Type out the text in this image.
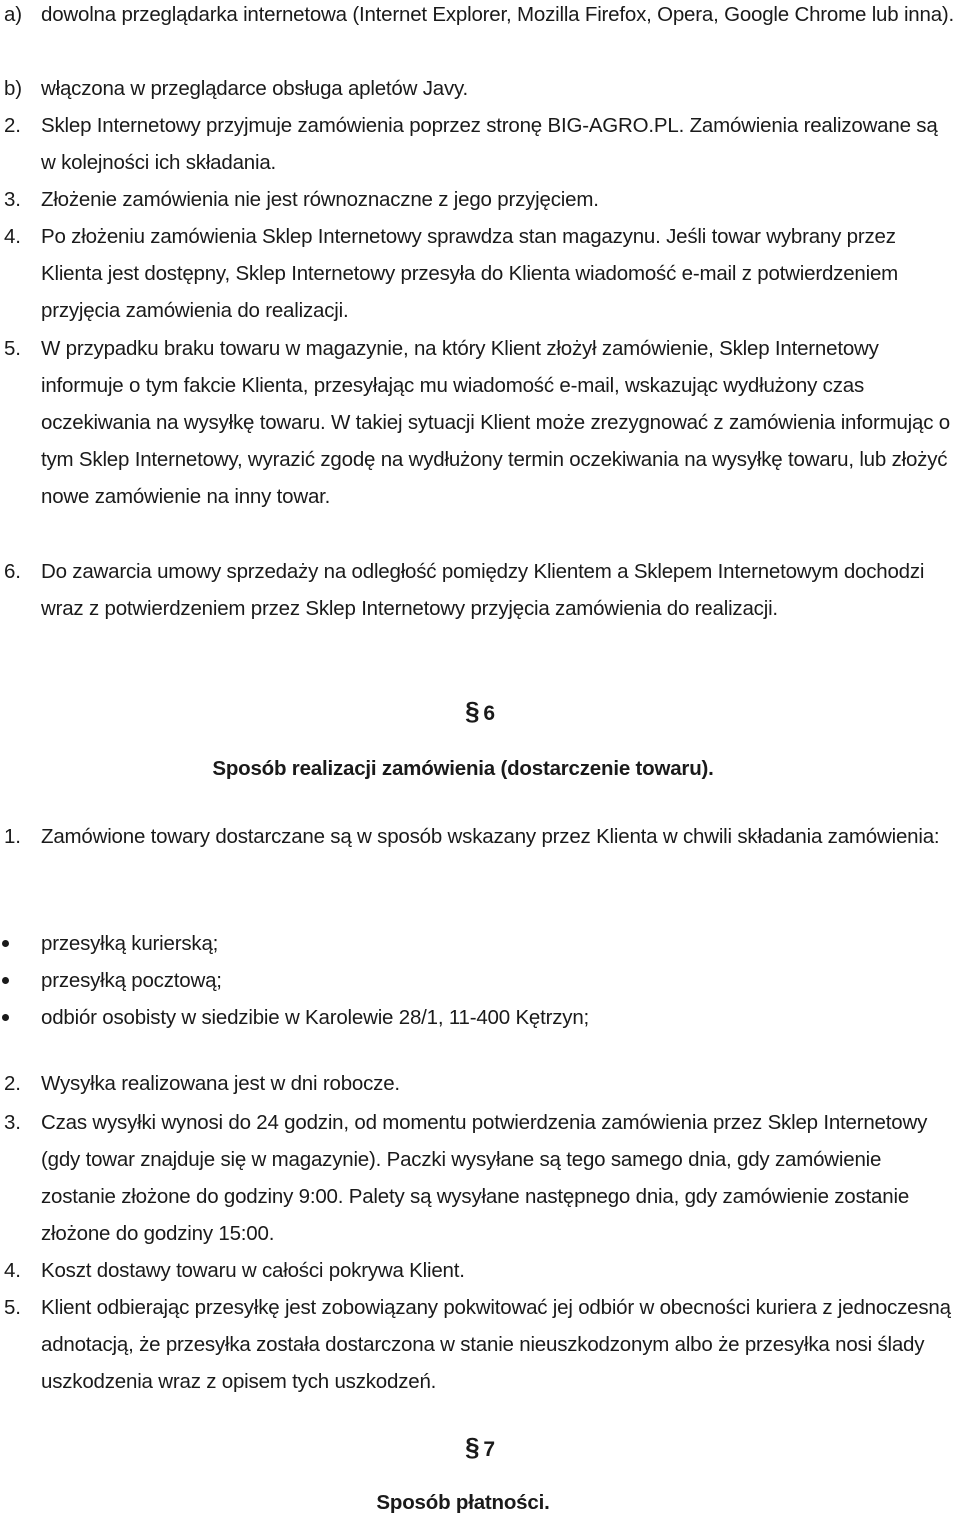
a) dowolna przeglądarka internetowa (Internet Explorer, Mozilla Firefox, Opera, Google Chrome lub inna).
b) włączona w przeglądarce obsługa apletów Javy.
2. Sklep Internetowy przyjmuje zamówienia poprzez stronę BIG-AGRO.PL. Zamówienia realizowane są w kolejności ich składania.
3. Złożenie zamówienia nie jest równoznaczne z jego przyjęciem.
4. Po złożeniu zamówienia Sklep Internetowy sprawdza stan magazynu. Jeśli towar wybrany przez Klienta jest dostępny, Sklep Internetowy przesyła do Klienta wiadomość e-mail z potwierdzeniem przyjęcia zamówienia do realizacji.
5. W przypadku braku towaru w magazynie, na który Klient złożył zamówienie, Sklep Internetowy informuje o tym fakcie Klienta, przesyłając mu wiadomość e-mail, wskazując wydłużony czas oczekiwania na wysyłkę towaru. W takiej sytuacji Klient może zrezygnować z zamówienia informując o tym Sklep Internetowy, wyrazić zgodę na wydłużony termin oczekiwania na wysyłkę towaru, lub złożyć nowe zamówienie na inny towar.
6. Do zawarcia umowy sprzedaży na odległość pomiędzy Klientem a Sklepem Internetowym dochodzi wraz z potwierdzeniem przez Sklep Internetowy przyjęcia zamówienia do realizacji.
§ 6
Sposób realizacji zamówienia (dostarczenie towaru).
1. Zamówione towary dostarczane są w sposób wskazany przez Klienta w chwili składania zamówienia:
przesyłką kurierską;
przesyłką pocztową;
odbiór osobisty w siedzibie w Karolewie 28/1, 11-400 Kętrzyn;
2. Wysyłka realizowana jest w dni robocze.
3. Czas wysyłki wynosi do 24 godzin, od momentu potwierdzenia zamówienia przez Sklep Internetowy (gdy towar znajduje się w magazynie). Paczki wysyłane są tego samego dnia, gdy zamówienie zostanie złożone do godziny 9:00. Palety są wysyłane następnego dnia, gdy zamówienie zostanie złożone do godziny 15:00.
4. Koszt dostawy towaru w całości pokrywa Klient.
5. Klient odbierając przesyłkę jest zobowiązany pokwitować jej odbiór w obecności kuriera z jednoczesną adnotacją, że przesyłka została dostarczona w stanie nieuszkodzonym albo że przesyłka nosi ślady uszkodzenia wraz z opisem tych uszkodzeń.
§ 7
Sposób płatności.
